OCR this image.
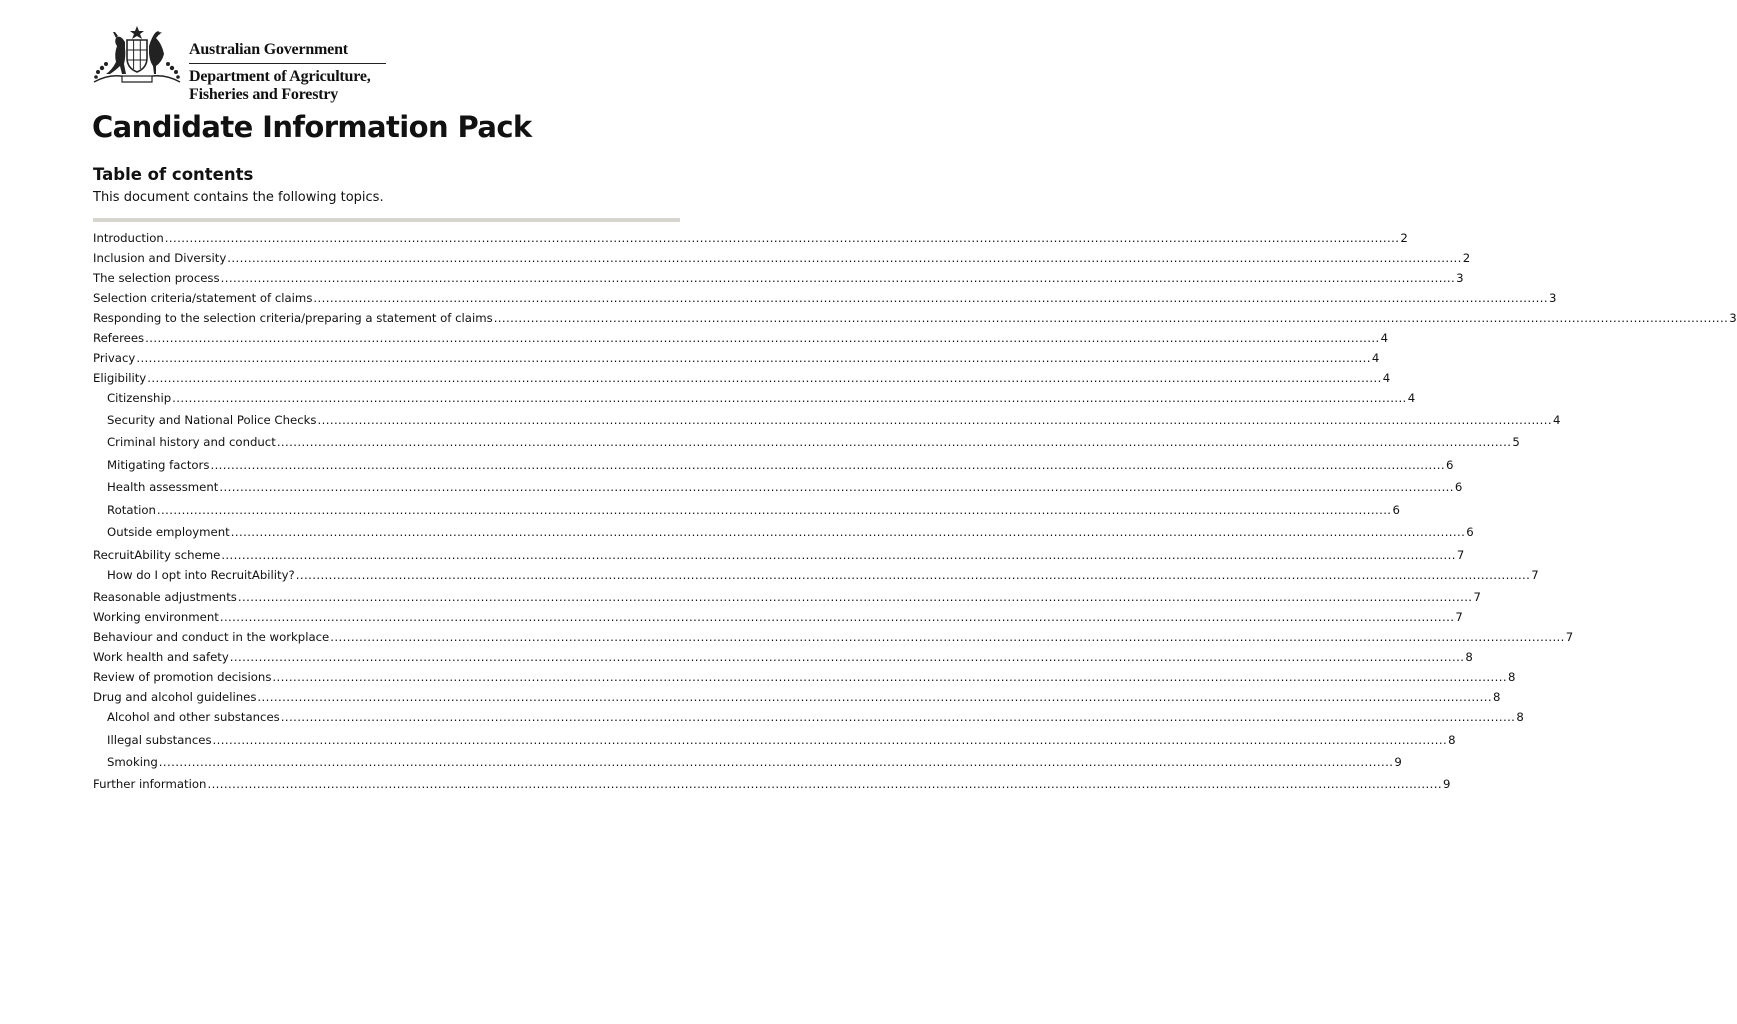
Australian Government
Department of Agriculture,
Fisheries and Forestry
Candidate Information Pack
Table of contents
This document contains the following topics.
Introduction ............................................................................................................................................................................................................................................................................................................ 2
Inclusion and Diversity ............................................................................................................................................................................................................................................................................................................ 2
The selection process ............................................................................................................................................................................................................................................................................................................ 3
Selection criteria/statement of claims ............................................................................................................................................................................................................................................................................................................ 3
Responding to the selection criteria/preparing a statement of claims ............................................................................................................................................................................................................................................................................................................ 3
Referees ............................................................................................................................................................................................................................................................................................................ 4
Privacy ............................................................................................................................................................................................................................................................................................................ 4
Eligibility ............................................................................................................................................................................................................................................................................................................ 4
Citizenship ............................................................................................................................................................................................................................................................................................................ 4
Security and National Police Checks ............................................................................................................................................................................................................................................................................................................ 4
Criminal history and conduct ............................................................................................................................................................................................................................................................................................................ 5
Mitigating factors ............................................................................................................................................................................................................................................................................................................ 6
Health assessment ............................................................................................................................................................................................................................................................................................................ 6
Rotation ............................................................................................................................................................................................................................................................................................................ 6
Outside employment ............................................................................................................................................................................................................................................................................................................ 6
RecruitAbility scheme ............................................................................................................................................................................................................................................................................................................ 7
How do I opt into RecruitAbility? ............................................................................................................................................................................................................................................................................................................ 7
Reasonable adjustments ............................................................................................................................................................................................................................................................................................................ 7
Working environment ............................................................................................................................................................................................................................................................................................................ 7
Behaviour and conduct in the workplace ............................................................................................................................................................................................................................................................................................................ 7
Work health and safety ............................................................................................................................................................................................................................................................................................................ 8
Review of promotion decisions ............................................................................................................................................................................................................................................................................................................ 8
Drug and alcohol guidelines ............................................................................................................................................................................................................................................................................................................ 8
Alcohol and other substances ............................................................................................................................................................................................................................................................................................................ 8
Illegal substances ............................................................................................................................................................................................................................................................................................................ 8
Smoking ............................................................................................................................................................................................................................................................................................................ 9
Further information ............................................................................................................................................................................................................................................................................................................ 9
